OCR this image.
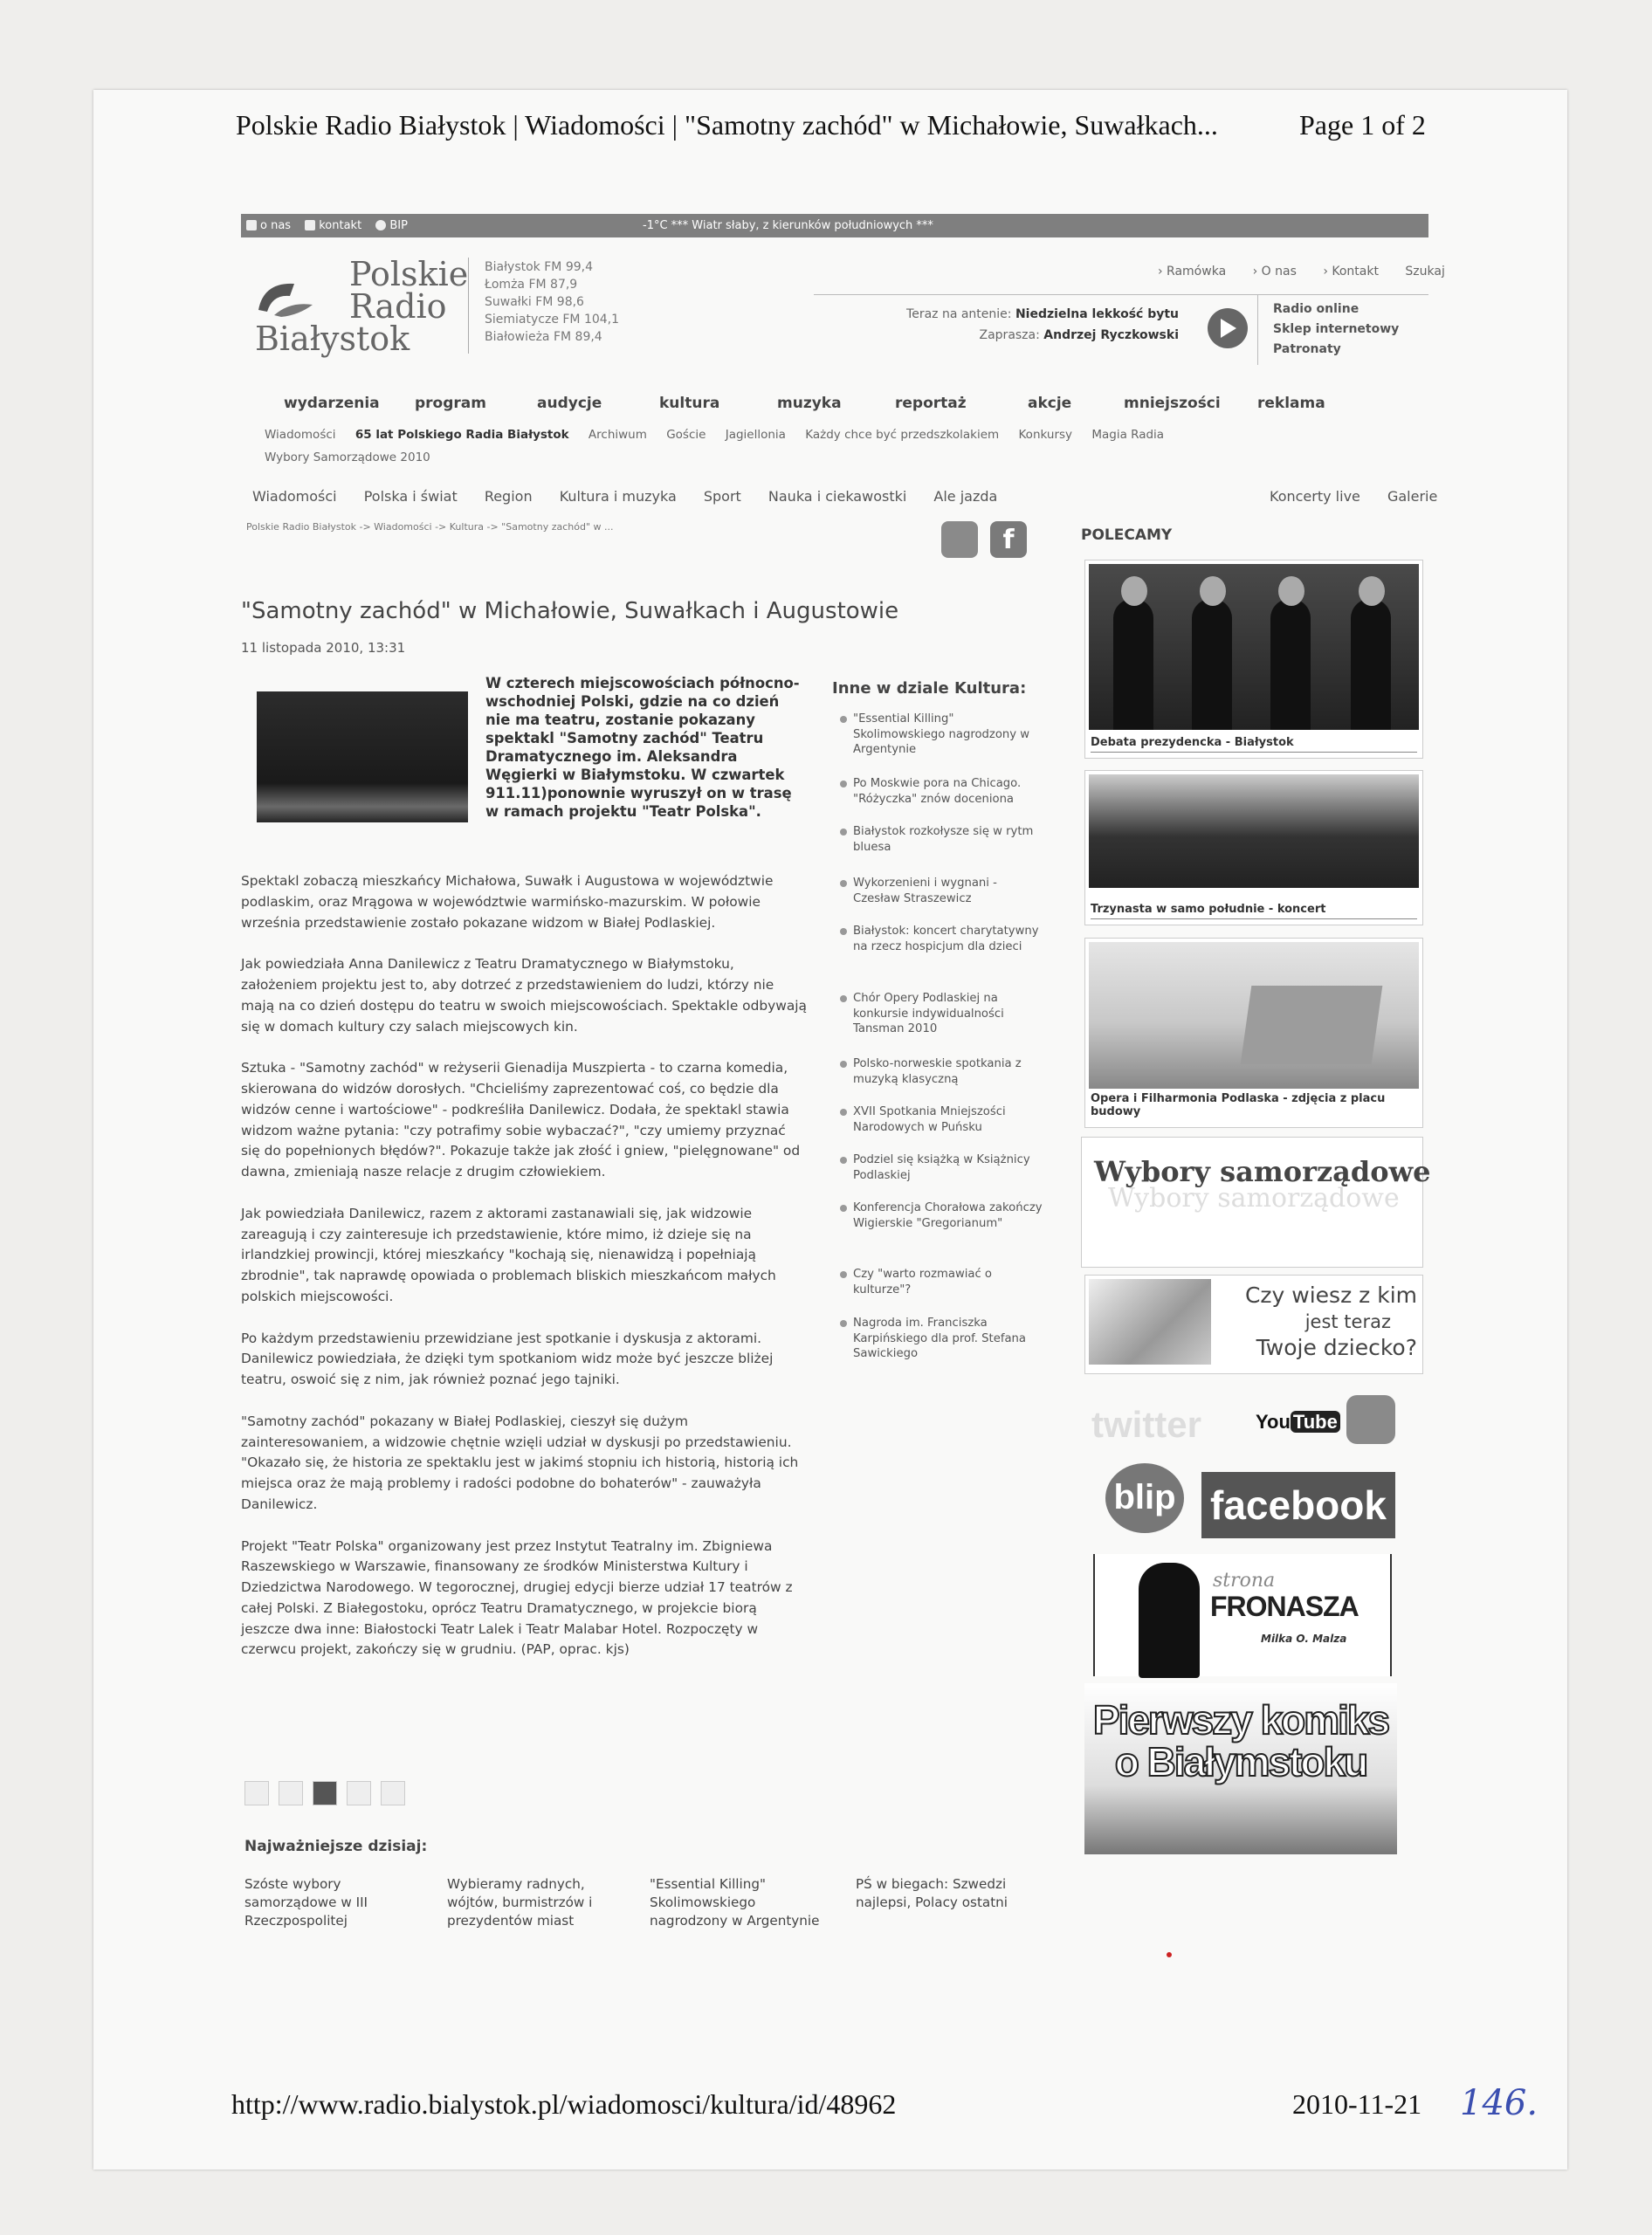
Polskie Radio Białystok | Wiadomości | "Samotny zachód" w Michałowie, Suwałkach...	Page 1 of 2
o nas kontakt BIP	-1°C *** Wiatr słaby, z kierunków południowych ***
Polskie
Radio
Białystok
Białystok FM 99,4
Łomża FM 87,9
Suwałki FM 98,6
Siemiatycze FM 104,1
Białowieża FM 89,4
› Ramówka › O nas › Kontakt Szukaj
Teraz na antenie: Niedzielna lekkość bytu
Zaprasza: Andrzej Ryczkowski
Radio online
Sklep internetowy
Patronaty
wydarzenia program	audycje	kultura	muzyka	reportaż	akcje	mniejszości reklama
Wiadomości 65 lat Polskiego Radia Białystok Archiwum Goście Jagiellonia Każdy chce być przedszkolakiem Konkursy Magia Radia
Wybory Samorządowe 2010
Wiadomości Polska i świat Region Kultura i muzyka Sport Nauka i ciekawostki Ale jazda	Koncerty live Galerie
Polskie Radio Białystok -> Wiadomości -> Kultura -> "Samotny zachód" w ...	f	POLECAMY
"Samotny zachód" w Michałowie, Suwałkach i Augustowie
11 listopada 2010, 13:31
W czterech miejscowościach północno-wschodniej Polski, gdzie na co dzień nie ma teatru, zostanie pokazany spektakl "Samotny zachód" Teatru Dramatycznego im. Aleksandra Węgierki w Białymstoku. W czwartek 911.11)ponownie wyruszył on w trasę w ramach projektu "Teatr Polska".

Spektakl zobaczą mieszkańcy Michałowa, Suwałk i Augustowa w województwie podlaskim, oraz Mrągowa w województwie warmińsko-mazurskim. W połowie września przedstawienie zostało pokazane widzom w Białej Podlaskiej.

Jak powiedziała Anna Danilewicz z Teatru Dramatycznego w Białymstoku, założeniem projektu jest to, aby dotrzeć z przedstawieniem do ludzi, którzy nie mają na co dzień dostępu do teatru w swoich miejscowościach. Spektakle odbywają się w domach kultury czy salach miejscowych kin.

Sztuka - "Samotny zachód" w reżyserii Gienadija Muszpierta - to czarna komedia, skierowana do widzów dorosłych. "Chcieliśmy zaprezentować coś, co będzie dla widzów cenne i wartościowe" - podkreśliła Danilewicz. Dodała, że spektakl stawia widzom ważne pytania: "czy potrafimy sobie wybaczać?", "czy umiemy przyznać się do popełnionych błędów?". Pokazuje także jak złość i gniew, "pielęgnowane" od dawna, zmieniają nasze relacje z drugim człowiekiem.

Jak powiedziała Danilewicz, razem z aktorami zastanawiali się, jak widzowie zareagują i czy zainteresuje ich przedstawienie, które mimo, iż dzieje się na irlandzkiej prowincji, której mieszkańcy "kochają się, nienawidzą i popełniają zbrodnie", tak naprawdę opowiada o problemach bliskich mieszkańcom małych polskich miejscowości.

Po każdym przedstawieniu przewidziane jest spotkanie i dyskusja z aktorami. Danilewicz powiedziała, że dzięki tym spotkaniom widz może być jeszcze bliżej teatru, oswoić się z nim, jak również poznać jego tajniki.

"Samotny zachód" pokazany w Białej Podlaskiej, cieszył się dużym zainteresowaniem, a widzowie chętnie wzięli udział w dyskusji po przedstawieniu. "Okazało się, że historia ze spektaklu jest w jakimś stopniu ich historią, historią ich miejsca oraz że mają problemy i radości podobne do bohaterów" - zauważyła Danilewicz.

Projekt "Teatr Polska" organizowany jest przez Instytut Teatralny im. Zbigniewa Raszewskiego w Warszawie, finansowany ze środków Ministerstwa Kultury i Dziedzictwa Narodowego. W tegorocznej, drugiej edycji bierze udział 17 teatrów z całej Polski. Z Białegostoku, oprócz Teatru Dramatycznego, w projekcie biorą jeszcze dwa inne: Białostocki Teatr Lalek i Teatr Malabar Hotel. Rozpoczęty w czerwcu projekt, zakończy się w grudniu. (PAP, oprac. kjs)

Najważniejsze dzisiaj:
Szóste wybory samorządowe w III Rzeczpospolitej
Wybieramy radnych, wójtów, burmistrzów i prezydentów miast
"Essential Killing" Skolimowskiego nagrodzony w Argentynie
PŚ w biegach: Szwedzi najlepsi, Polacy ostatni
Inne w dziale Kultura:
"Essential Killing" Skolimowskiego nagrodzony w Argentynie
Po Moskwie pora na Chicago. "Różyczka" znów doceniona
Białystok rozkołysze się w rytm bluesa
Wykorzenieni i wygnani - Czesław Straszewicz
Białystok: koncert charytatywny na rzecz hospicjum dla dzieci
Chór Opery Podlaskiej na konkursie indywidualności Tansman 2010
Polsko-norweskie spotkania z muzyką klasyczną
XVII Spotkania Mniejszości Narodowych w Puńsku
Podziel się książką w Książnicy Podlaskiej
Konferencja Chorałowa zakończy Wigierskie "Gregorianum"
Czy "warto rozmawiać o kulturze"?
Nagroda im. Franciszka Karpińskiego dla prof. Stefana Sawickiego
Debata prezydencka - Białystok
Trzynasta w samo południe - koncert
Opera i Filharmonia Podlaska - zdjęcia z placu budowy
Wybory samorządowe
Wybory samorządowe
Czy wiesz z kim
jest teraz
Twoje dziecko?
twitter	You Tube
blip facebook
strona
FRONASZA
Milka O. Malza
Pierwszy komiks
o Białymstoku
http://www.radio.bialystok.pl/wiadomosci/kultura/id/48962	2010-11-21 146.
